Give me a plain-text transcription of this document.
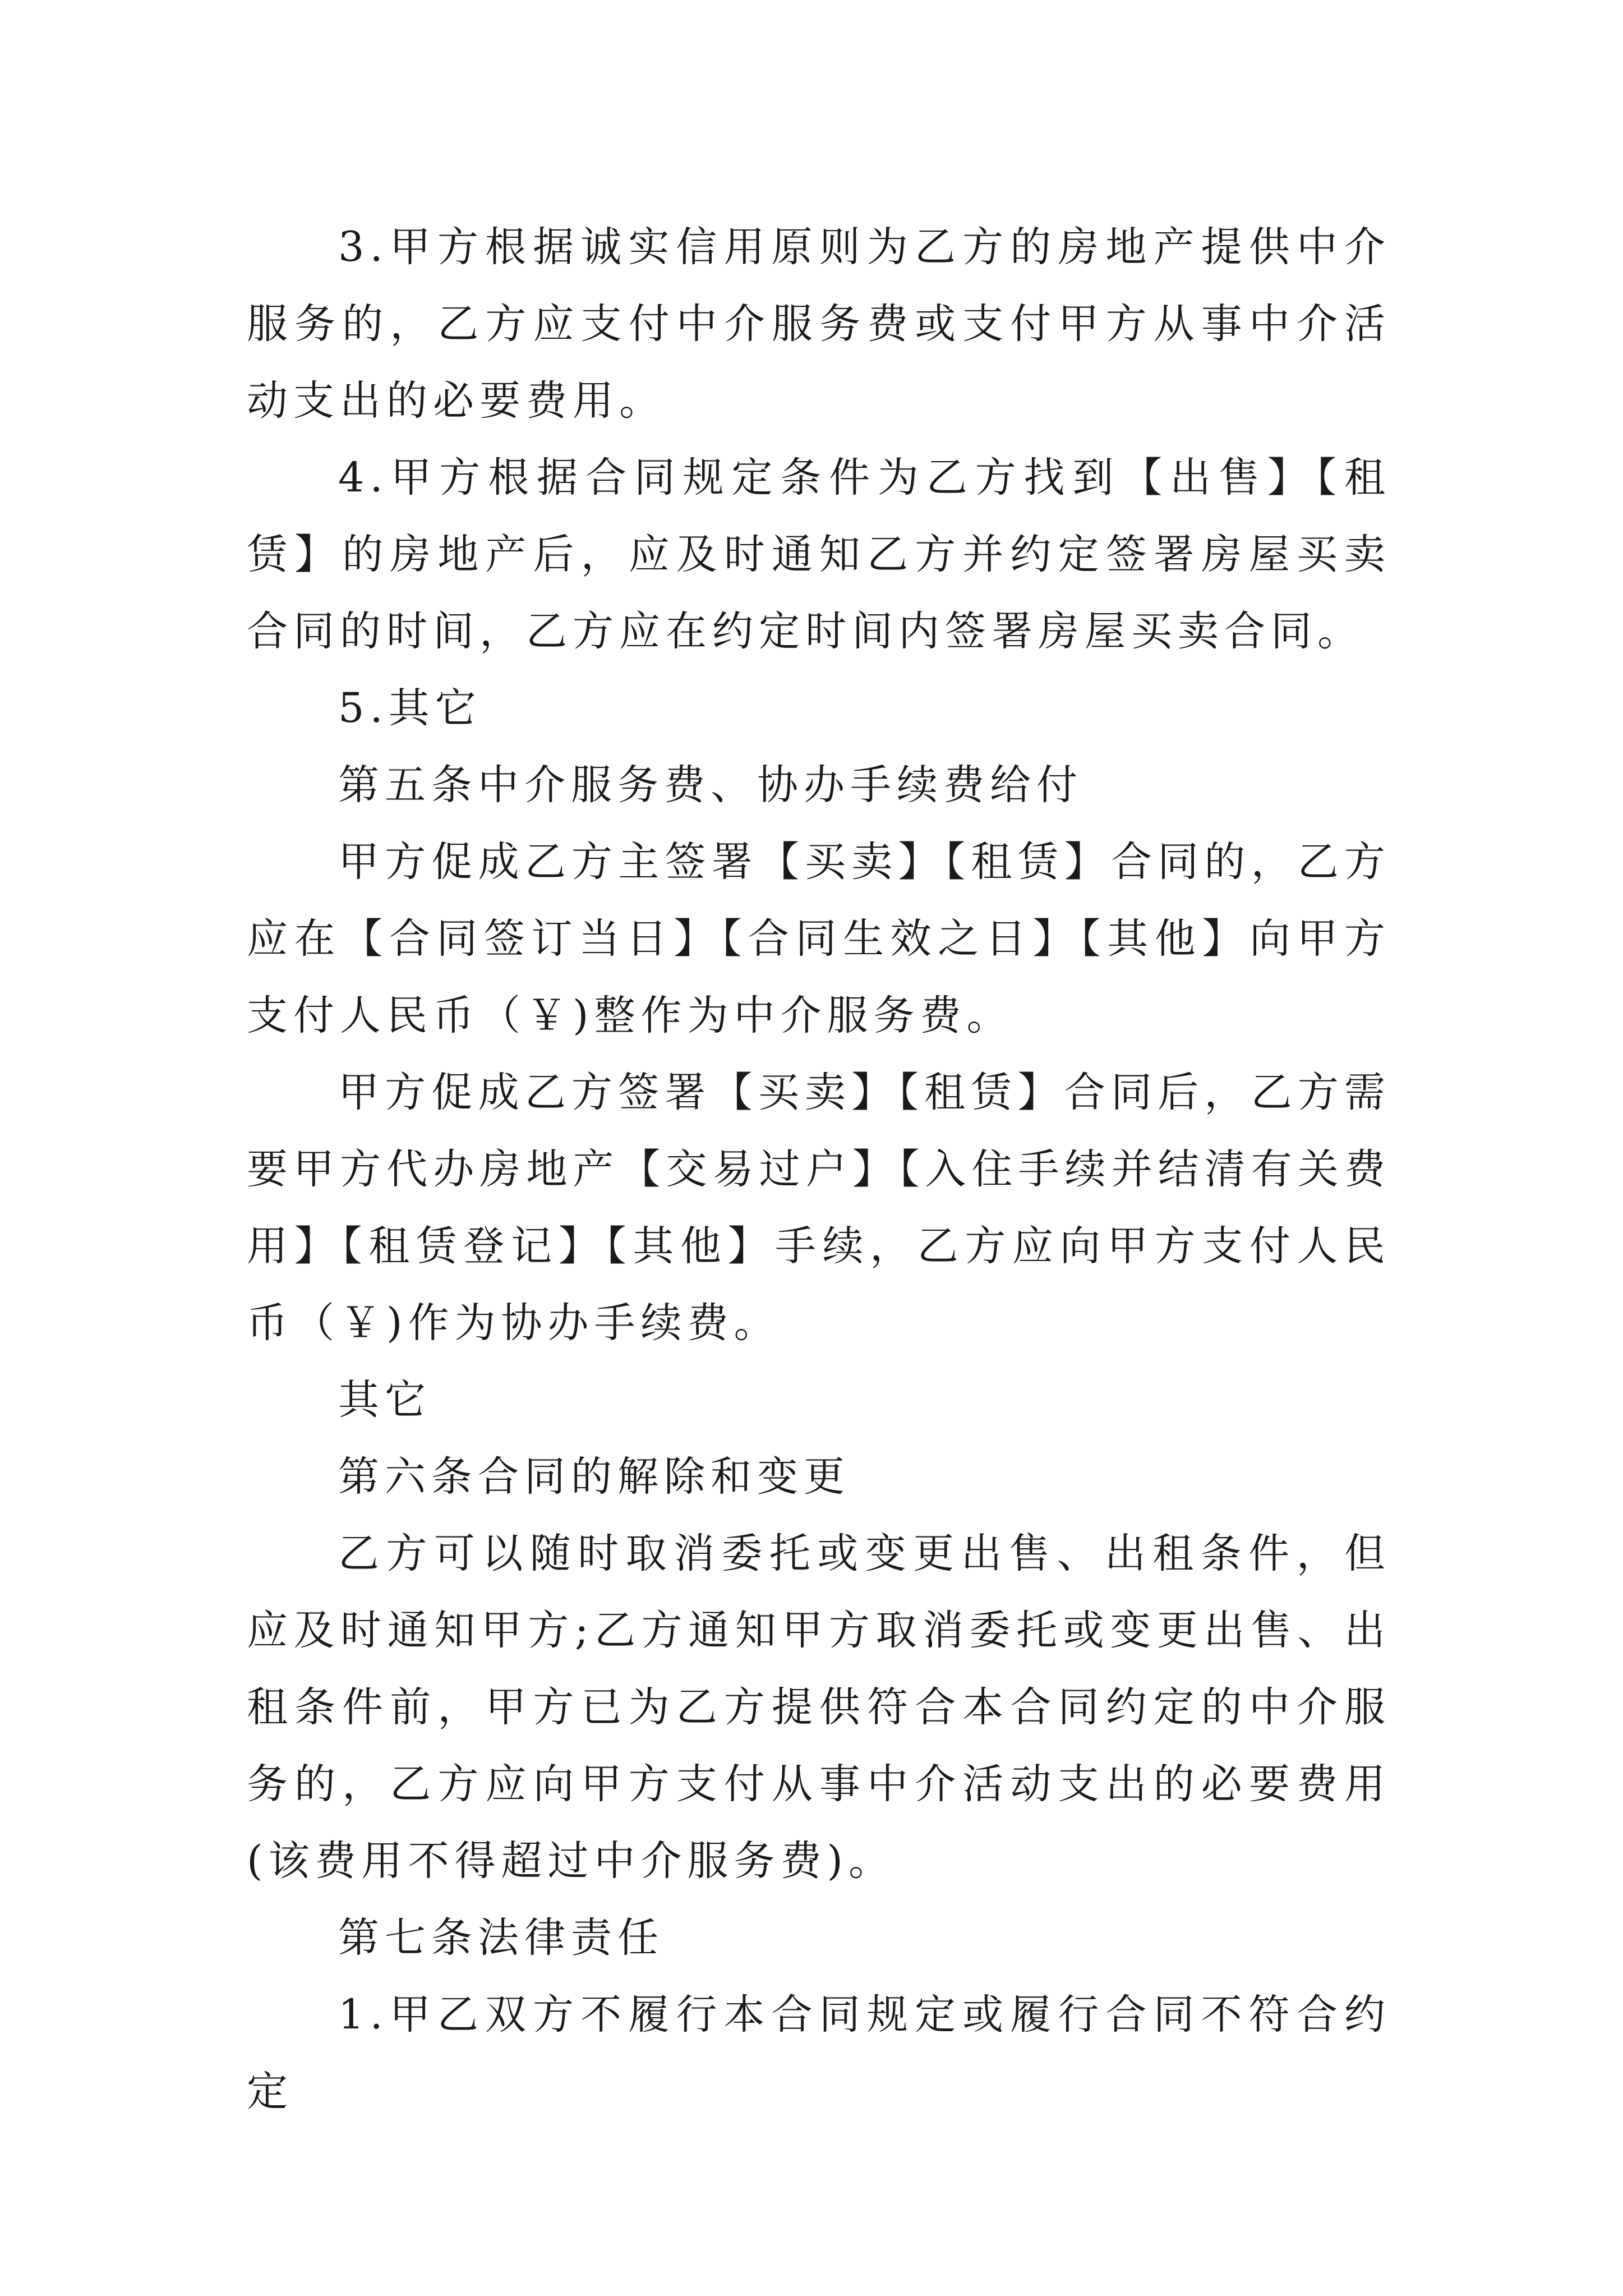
3.甲方根据诚实信用原则为乙方的房地产提供中介服务的，乙方应支付中介服务费或支付甲方从事中介活动支出的必要费用。

4.甲方根据合同规定条件为乙方找到【出售】【租赁】的房地产后，应及时通知乙方并约定签署房屋买卖合同的时间，乙方应在约定时间内签署房屋买卖合同。

5.其它

第五条中介服务费、协办手续费给付

甲方促成乙方主签署【买卖】【租赁】合同的，乙方应在【合同签订当日】【合同生效之日】【其他】向甲方支付人民币（￥)整作为中介服务费。

甲方促成乙方签署【买卖】【租赁】合同后，乙方需要甲方代办房地产【交易过户】【入住手续并结清有关费用】【租赁登记】【其他】手续，乙方应向甲方支付人民币（￥)作为协办手续费。

其它

第六条合同的解除和变更

乙方可以随时取消委托或变更出售、出租条件，但应及时通知甲方;乙方通知甲方取消委托或变更出售、出租条件前，甲方已为乙方提供符合本合同约定的中介服务的，乙方应向甲方支付从事中介活动支出的必要费用(该费用不得超过中介服务费)。

第七条法律责任

1.甲乙双方不履行本合同规定或履行合同不符合约定
